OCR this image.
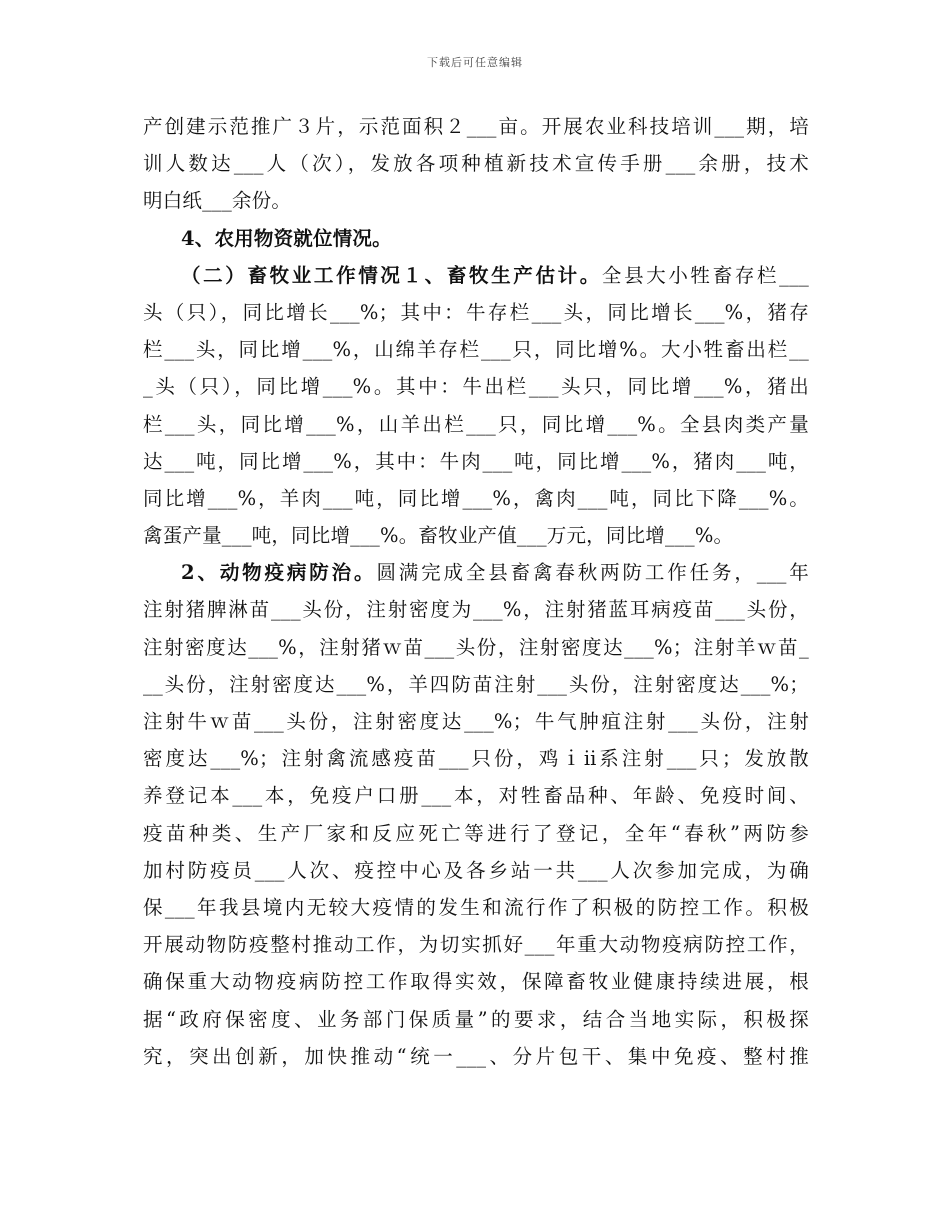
下载后可任意编辑
产创建示范推广３片，示范面积２___亩。开展农业科技培训___期，培
训人数达___人（次），发放各项种植新技术宣传手册___余册，技术
明白纸___余份。
4、农用物资就位情况。
（二）畜牧业工作情况１、畜牧生产估计。全县大小牲畜存栏___
头（只），同比增长___%；其中：牛存栏___头，同比增长___%，猪存
栏___头，同比增___%，山绵羊存栏___只，同比增%。大小牲畜出栏__
_头（只），同比增___%。其中：牛出栏___头只，同比增___%，猪出
栏___头，同比增___%，山羊出栏___只，同比增___%。全县肉类产量
达___吨，同比增___%，其中：牛肉___吨，同比增___%，猪肉___吨，
同比增___%，羊肉___吨，同比增___%，禽肉___吨，同比下降___%。
禽蛋产量___吨，同比增___%。畜牧业产值___万元，同比增___%。
2、动物疫病防治。圆满完成全县畜禽春秋两防工作任务，___年
注射猪脾淋苗___头份，注射密度为___%，注射猪蓝耳病疫苗___头份，
注射密度达___%，注射猪ｗ苗___头份，注射密度达___%；注射羊ｗ苗_
__头份，注射密度达___%，羊四防苗注射___头份，注射密度达___%；
注射牛ｗ苗___头份，注射密度达___%；牛气肿疽注射___头份，注射
密度达___%；注射禽流感疫苗___只份，鸡ｉⅱ系注射___只；发放散
养登记本___本，免疫户口册___本，对牲畜品种、年龄、免疫时间、
疫苗种类、生产厂家和反应死亡等进行了登记，全年“春秋”两防参
加村防疫员___人次、疫控中心及各乡站一共___人次参加完成，为确
保___年我县境内无较大疫情的发生和流行作了积极的防控工作。积极
开展动物防疫整村推动工作，为切实抓好___年重大动物疫病防控工作，
确保重大动物疫病防控工作取得实效，保障畜牧业健康持续进展，根
据“政府保密度、业务部门保质量”的要求，结合当地实际，积极探
究，突出创新，加快推动“统一___、分片包干、集中免疫、整村推
